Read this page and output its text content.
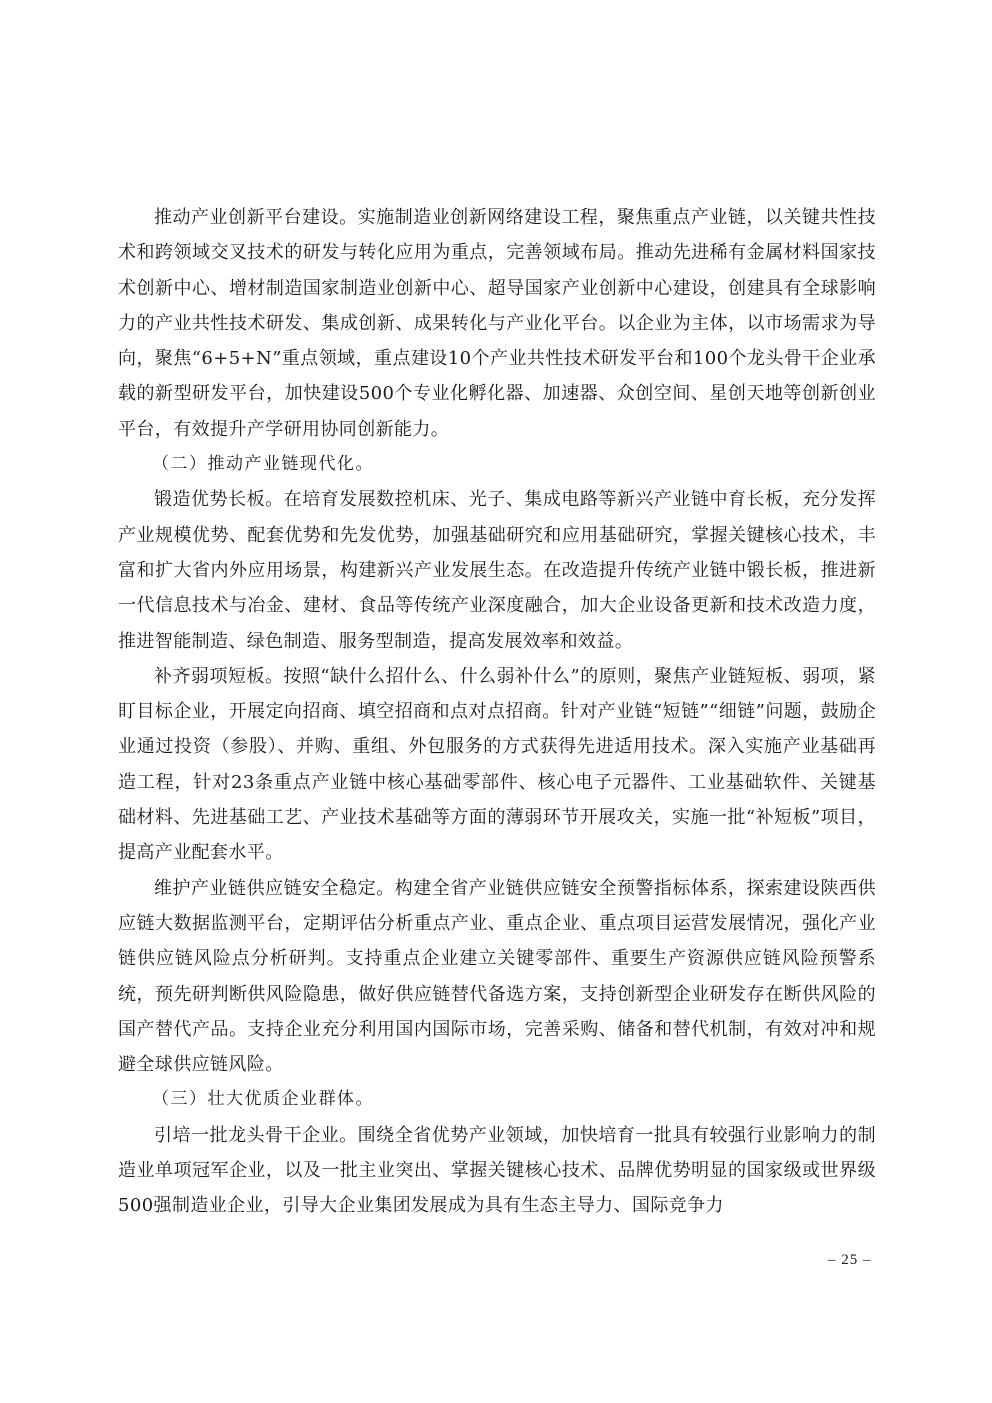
推动产业创新平台建设。实施制造业创新网络建设工程，聚焦重点产业链，以关键共性技术和跨领域交叉技术的研发与转化应用为重点，完善领域布局。推动先进稀有金属材料国家技术创新中心、增材制造国家制造业创新中心、超导国家产业创新中心建设，创建具有全球影响力的产业共性技术研发、集成创新、成果转化与产业化平台。以企业为主体，以市场需求为导向，聚焦“6+5+N”重点领域，重点建设10个产业共性技术研发平台和100个龙头骨干企业承载的新型研发平台，加快建设500个专业化孵化器、加速器、众创空间、星创天地等创新创业平台，有效提升产学研用协同创新能力。

（二）推动产业链现代化。

锻造优势长板。在培育发展数控机床、光子、集成电路等新兴产业链中育长板，充分发挥产业规模优势、配套优势和先发优势，加强基础研究和应用基础研究，掌握关键核心技术，丰富和扩大省内外应用场景，构建新兴产业发展生态。在改造提升传统产业链中锻长板，推进新一代信息技术与冶金、建材、食品等传统产业深度融合，加大企业设备更新和技术改造力度，推进智能制造、绿色制造、服务型制造，提高发展效率和效益。

补齐弱项短板。按照“缺什么招什么、什么弱补什么”的原则，聚焦产业链短板、弱项，紧盯目标企业，开展定向招商、填空招商和点对点招商。针对产业链“短链”“细链”问题，鼓励企业通过投资（参股）、并购、重组、外包服务的方式获得先进适用技术。深入实施产业基础再造工程，针对23条重点产业链中核心基础零部件、核心电子元器件、工业基础软件、关键基础材料、先进基础工艺、产业技术基础等方面的薄弱环节开展攻关，实施一批“补短板”项目，提高产业配套水平。

维护产业链供应链安全稳定。构建全省产业链供应链安全预警指标体系，探索建设陕西供应链大数据监测平台，定期评估分析重点产业、重点企业、重点项目运营发展情况，强化产业链供应链风险点分析研判。支持重点企业建立关键零部件、重要生产资源供应链风险预警系统，预先研判断供风险隐患，做好供应链替代备选方案，支持创新型企业研发存在断供风险的国产替代产品。支持企业充分利用国内国际市场，完善采购、储备和替代机制，有效对冲和规避全球供应链风险。

（三）壮大优质企业群体。

引培一批龙头骨干企业。围绕全省优势产业领域，加快培育一批具有较强行业影响力的制造业单项冠军企业，以及一批主业突出、掌握关键核心技术、品牌优势明显的国家级或世界级500强制造业企业，引导大企业集团发展成为具有生态主导力、国际竞争力

– 25 –
